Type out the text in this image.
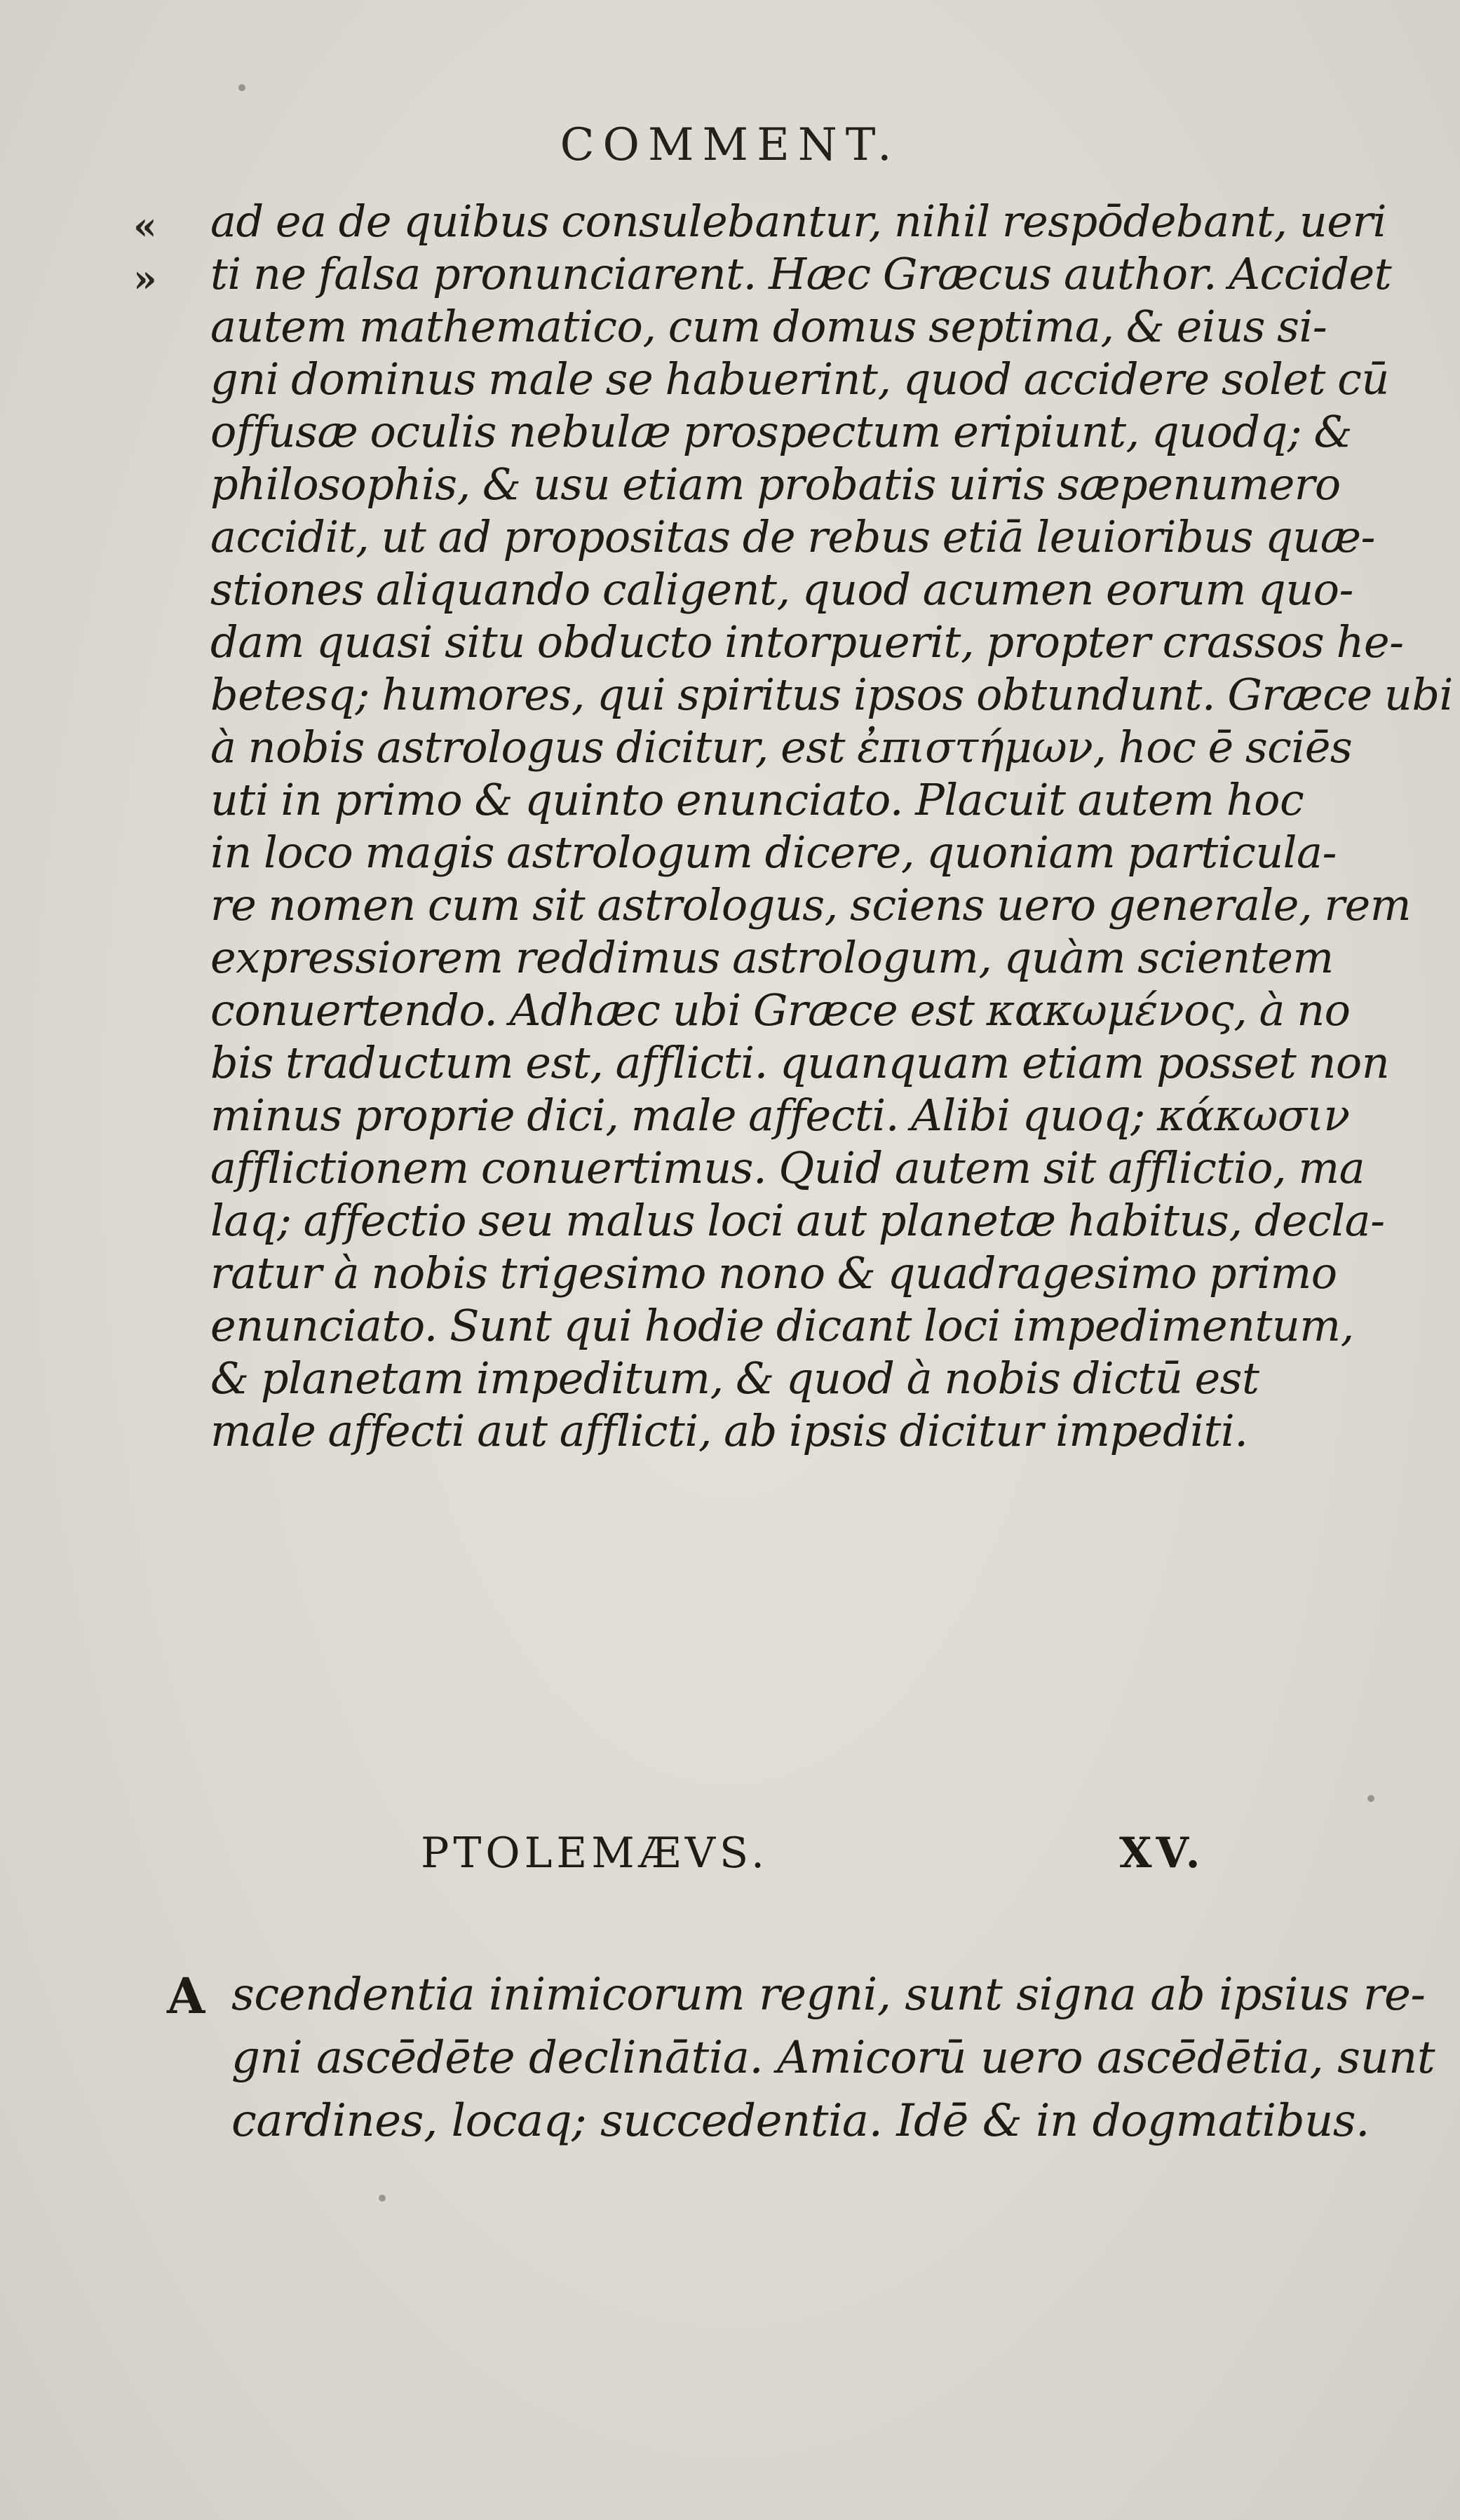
COMMENT.
«
»
ad ea de quibus consulebantur, nihil respōdebant, ueri
ti ne falsa pronunciarent. Hæc Græcus author. Accidet
autem mathematico, cum domus septima, & eius si-
gni dominus male se habuerint, quod accidere solet cū
offusæ oculis nebulæ prospectum eripiunt, quodq; &
philosophis, & usu etiam probatis uiris sæpenumero
accidit, ut ad propositas de rebus etiā leuioribus quæ-
stiones aliquando caligent, quod acumen eorum quo-
dam quasi situ obducto intorpuerit, propter crassos he-
betesq; humores, qui spiritus ipsos obtundunt. Græce ubi
à nobis astrologus dicitur, est ἐπιστήμων, hoc ē sciēs
uti in primo & quinto enunciato. Placuit autem hoc
in loco magis astrologum dicere, quoniam particula-
re nomen cum sit astrologus, sciens uero generale, rem
expressiorem reddimus astrologum, quàm scientem
conuertendo. Adhæc ubi Græce est κακωμένος, à no
bis traductum est, afflicti. quanquam etiam posset non
minus proprie dici, male affecti. Alibi quoq; κάκωσιν
afflictionem conuertimus. Quid autem sit afflictio, ma
laq; affectio seu malus loci aut planetæ habitus, decla-
ratur à nobis trigesimo nono & quadragesimo primo
enunciato. Sunt qui hodie dicant loci impedimentum,
& planetam impeditum, & quod à nobis dictū est
male affecti aut afflicti, ab ipsis dicitur impediti.
PTOLEMÆVS.	XV.
A scendentia inimicorum regni, sunt signa ab ipsius re-
gni ascēdēte declinātia. Amicorū uero ascēdētia, sunt
cardines, locaq; succedentia. Idē & in dogmatibus.
